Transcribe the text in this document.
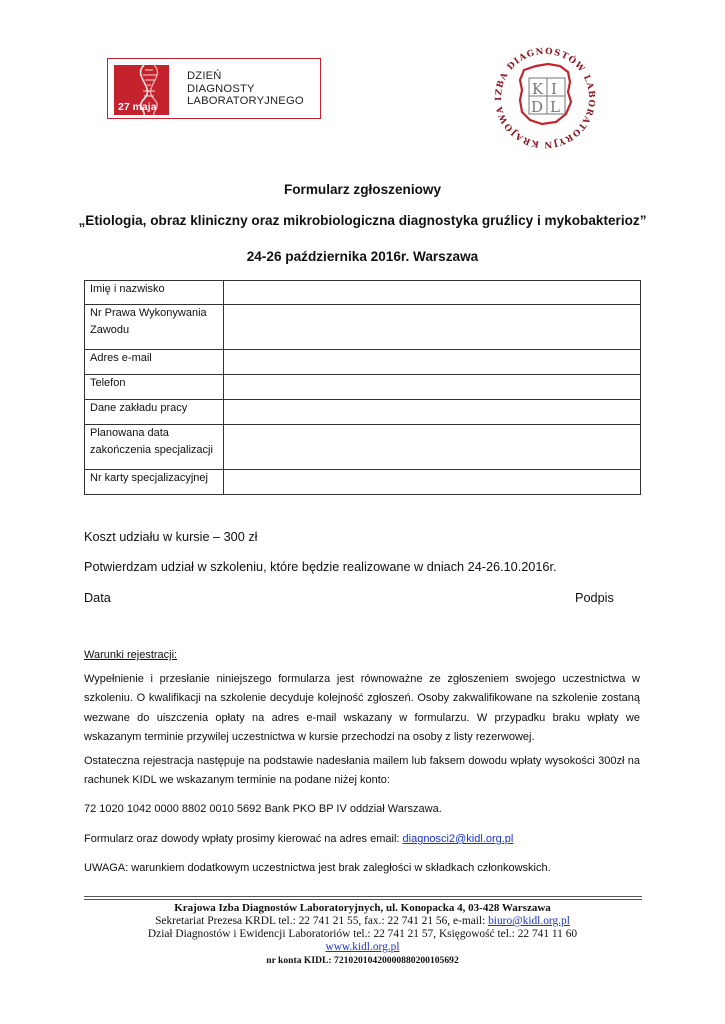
27 maja
DZIEŃ
DIAGNOSTY
LABORATORYJNEGO
KRAJOWA IZBA DIAGNOSTÓW LABORATORYJN
K I
D L
Formularz zgłoszeniowy
„Etiologia, obraz kliniczny oraz mikrobiologiczna diagnostyka gruźlicy i mykobakterioz”
24-26 października 2016r. Warszawa
Imię i nazwisko	

Nr Prawa Wykonywania
Zawodu	

Adres e-mail	

Telefon	

Dane zakładu pracy	

Planowana data
zakończenia specjalizacji	

Nr karty specjalizacyjnej	

Koszt udziału w kursie – 300 zł
Potwierdzam udział w szkoleniu, które będzie realizowane w dniach 24-26.10.2016r.
Data	Podpis
Warunki rejestracji:
Wypełnienie i przesłanie niniejszego formularza jest równoważne ze zgłoszeniem swojego uczestnictwa w szkoleniu. O kwalifikacji na szkolenie decyduje kolejność zgłoszeń. Osoby zakwalifikowane na szkolenie zostaną wezwane do uiszczenia opłaty na adres e-mail wskazany w formularzu. W przypadku braku wpłaty we wskazanym terminie przywilej uczestnictwa w kursie przechodzi na osoby z listy rezerwowej.
Ostateczna rejestracja następuje na podstawie nadesłania mailem lub faksem dowodu wpłaty wysokości 300zł na rachunek KIDL we wskazanym terminie na podane niżej konto:
72 1020 1042 0000 8802 0010 5692 Bank PKO BP IV oddział Warszawa.
Formularz oraz dowody wpłaty prosimy kierować na adres email: diagnosci2@kidl.org.pl
UWAGA: warunkiem dodatkowym uczestnictwa jest brak zaległości w składkach członkowskich.
Krajowa Izba Diagnostów Laboratoryjnych, ul. Konopacka 4, 03-428 Warszawa
Sekretariat Prezesa KRDL tel.: 22 741 21 55, fax.: 22 741 21 56, e-mail: biuro@kidl.org.pl
Dział Diagnostów i Ewidencji Laboratoriów tel.: 22 741 21 57, Księgowość tel.: 22 741 11 60
www.kidl.org.pl
nr konta KIDL: 72102010420000880200105692
